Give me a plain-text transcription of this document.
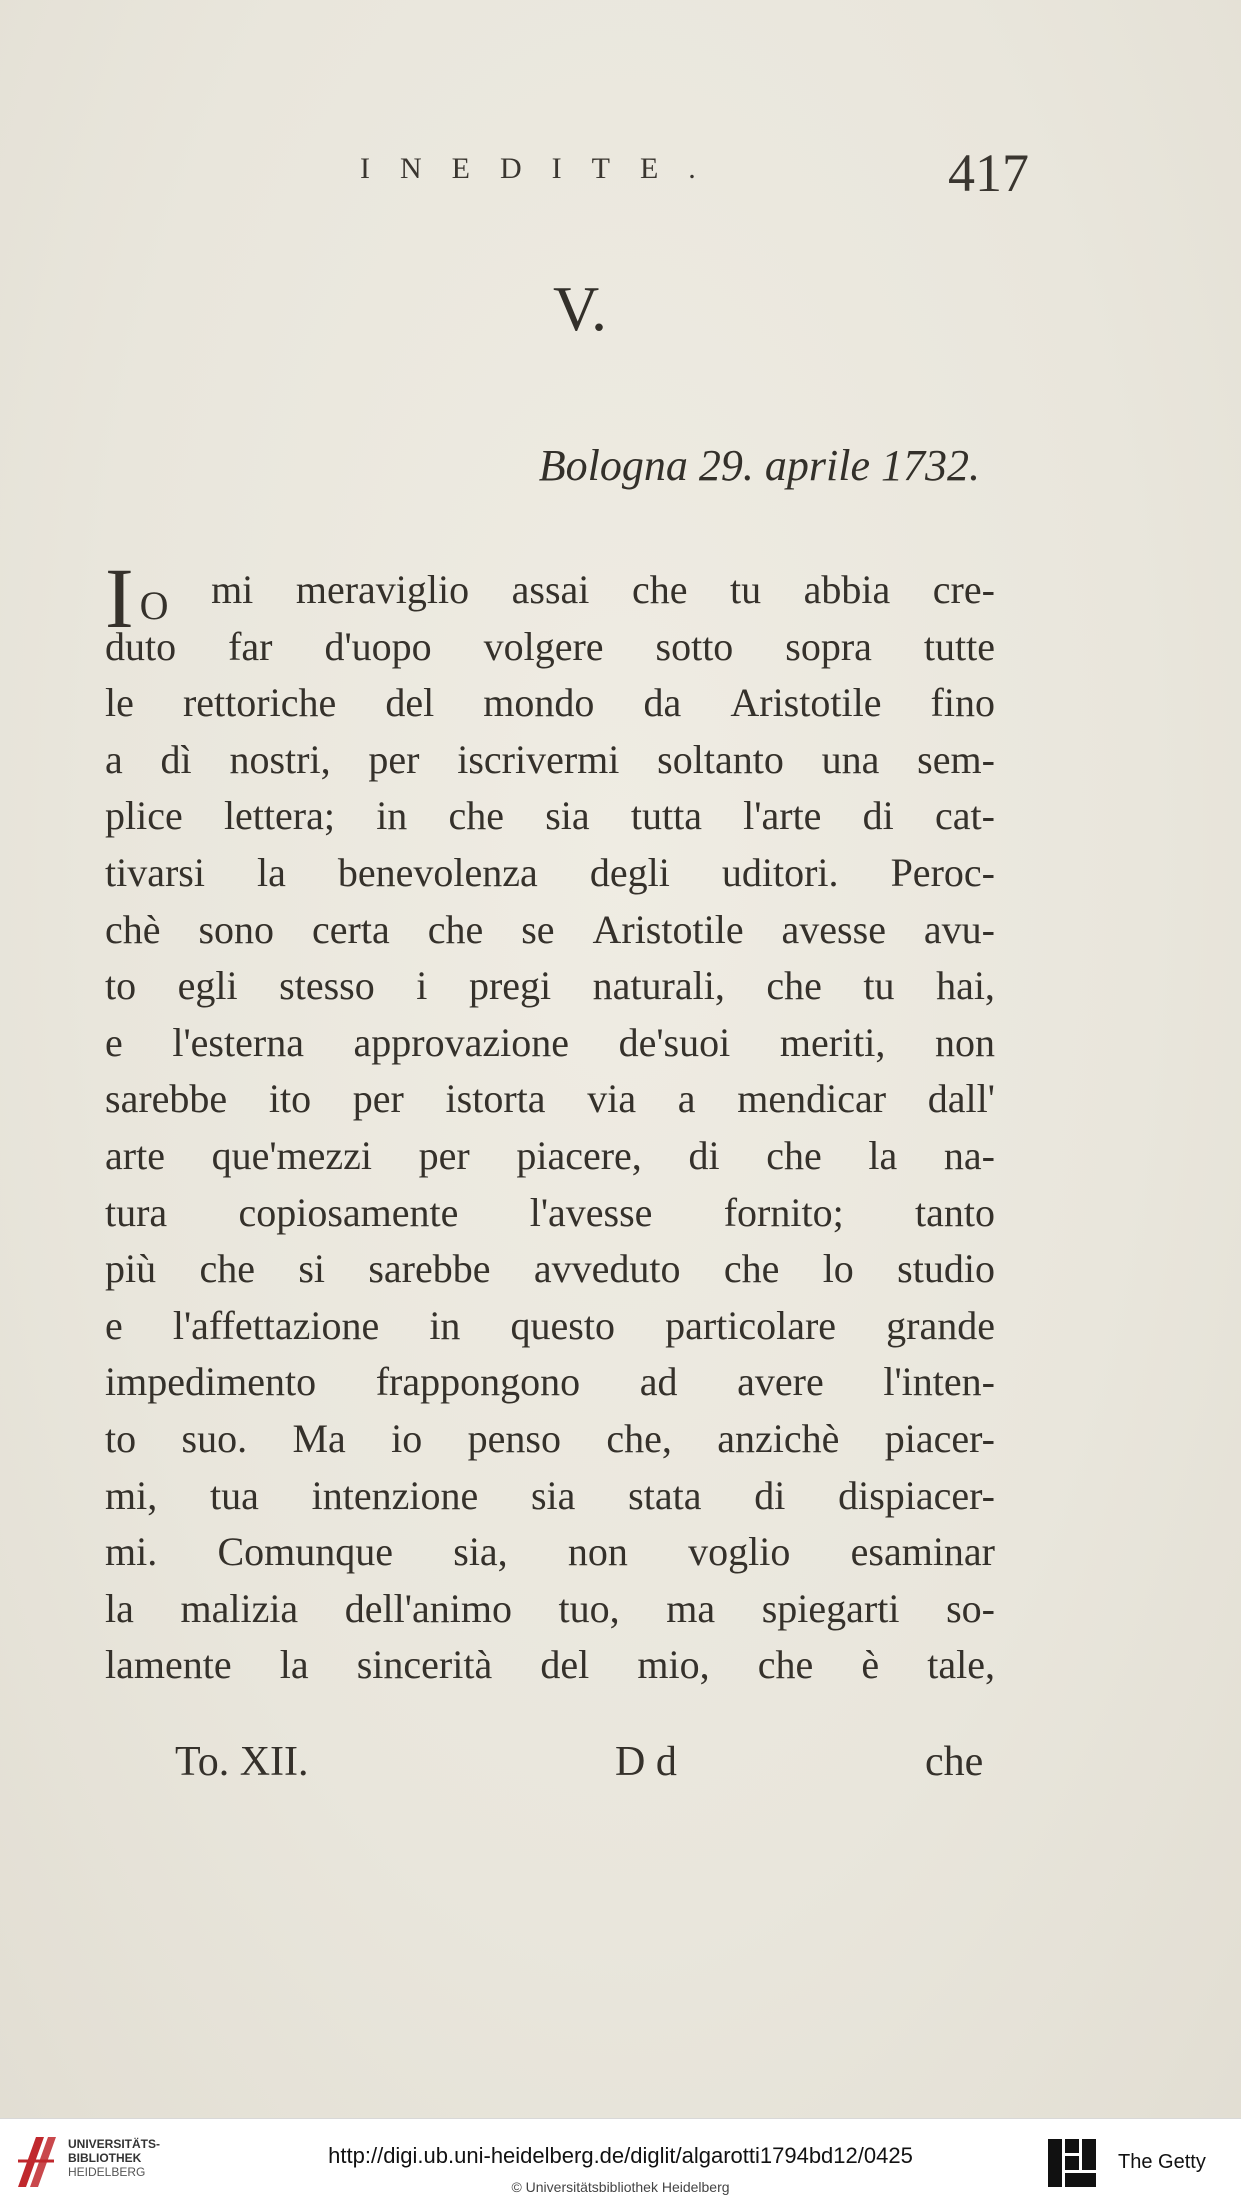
INEDITE.	417
V.
Bologna 29. aprile 1732.
I O mi meraviglio assai che tu abbia cre-
duto far d'uopo volgere sotto sopra tutte
le rettoriche del mondo da Aristotile fino
a dì nostri, per iscrivermi soltanto una sem-
plice lettera; in che sia tutta l'arte di cat-
tivarsi la benevolenza degli uditori. Peroc-
chè sono certa che se Aristotile avesse avu-
to egli stesso i pregi naturali, che tu hai,
e l'esterna approvazione de'suoi meriti, non
sarebbe ito per istorta via a mendicar dall'
arte que'mezzi per piacere, di che la na-
tura copiosamente l'avesse fornito; tanto
più che si sarebbe avveduto che lo studio
e l'affettazione in questo particolare grande
impedimento frappongono ad avere l'inten-
to suo. Ma io penso che, anzichè piacer-
mi, tua intenzione sia stata di dispiacer-
mi. Comunque sia, non voglio esaminar
la malizia dell'animo tuo, ma spiegarti so-
lamente la sincerità del mio, che è tale,
To. XII.	D d	che
UNIVERSITÄTS-
BIBLIOTHEK
HEIDELBERG
http://digi.ub.uni-heidelberg.de/diglit/algarotti1794bd12/0425
© Universitätsbibliothek Heidelberg
The Getty
